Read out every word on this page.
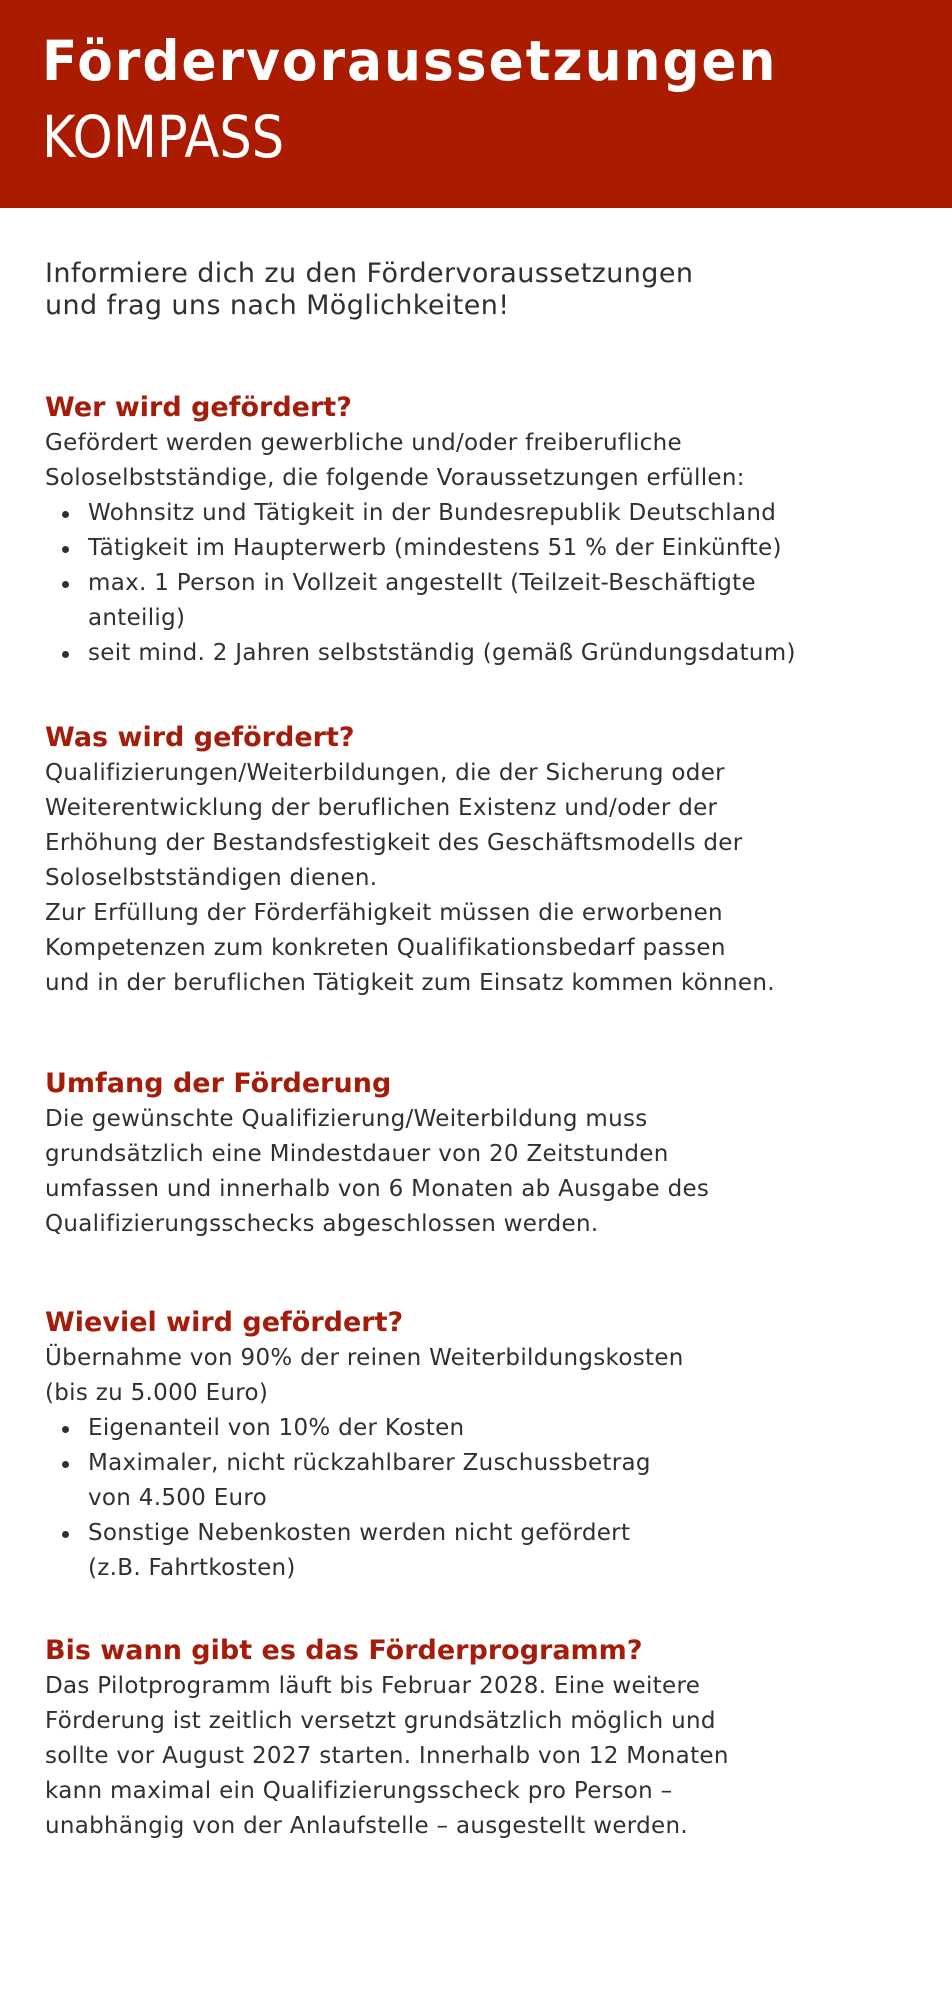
Fördervoraussetzungen
KOMPASS
Informiere dich zu den Fördervoraussetzungen
und frag uns nach Möglichkeiten!
Wer wird gefördert?

Gefördert werden gewerbliche und/oder freiberufliche
Soloselbstständige, die folgende Voraussetzungen erfüllen:

Wohnsitz und Tätigkeit in der Bundesrepublik Deutschland
Tätigkeit im Haupterwerb (mindestens 51 % der Einkünfte)
max. 1 Person in Vollzeit angestellt (Teilzeit-Beschäftigte
anteilig)
seit mind. 2 Jahren selbstständig (gemäß Gründungsdatum)
Was wird gefördert?

Qualifizierungen/Weiterbildungen, die der Sicherung oder
Weiterentwicklung der beruflichen Existenz und/oder der
Erhöhung der Bestandsfestigkeit des Geschäftsmodells der
Soloselbstständigen dienen.
Zur Erfüllung der Förderfähigkeit müssen die erworbenen
Kompetenzen zum konkreten Qualifikationsbedarf passen
und in der beruflichen Tätigkeit zum Einsatz kommen können.

Umfang der Förderung

Die gewünschte Qualifizierung/Weiterbildung muss
grundsätzlich eine Mindestdauer von 20 Zeitstunden
umfassen und innerhalb von 6 Monaten ab Ausgabe des
Qualifizierungsschecks abgeschlossen werden.

Wieviel wird gefördert?

Übernahme von 90% der reinen Weiterbildungskosten
(bis zu 5.000 Euro)

Eigenanteil von 10% der Kosten
Maximaler, nicht rückzahlbarer Zuschussbetrag
von 4.500 Euro
Sonstige Nebenkosten werden nicht gefördert
(z.B. Fahrtkosten)
Bis wann gibt es das Förderprogramm?

Das Pilotprogramm läuft bis Februar 2028. Eine weitere
Förderung ist zeitlich versetzt grundsätzlich möglich und
sollte vor August 2027 starten. Innerhalb von 12 Monaten
kann maximal ein Qualifizierungsscheck pro Person –
unabhängig von der Anlaufstelle – ausgestellt werden.
